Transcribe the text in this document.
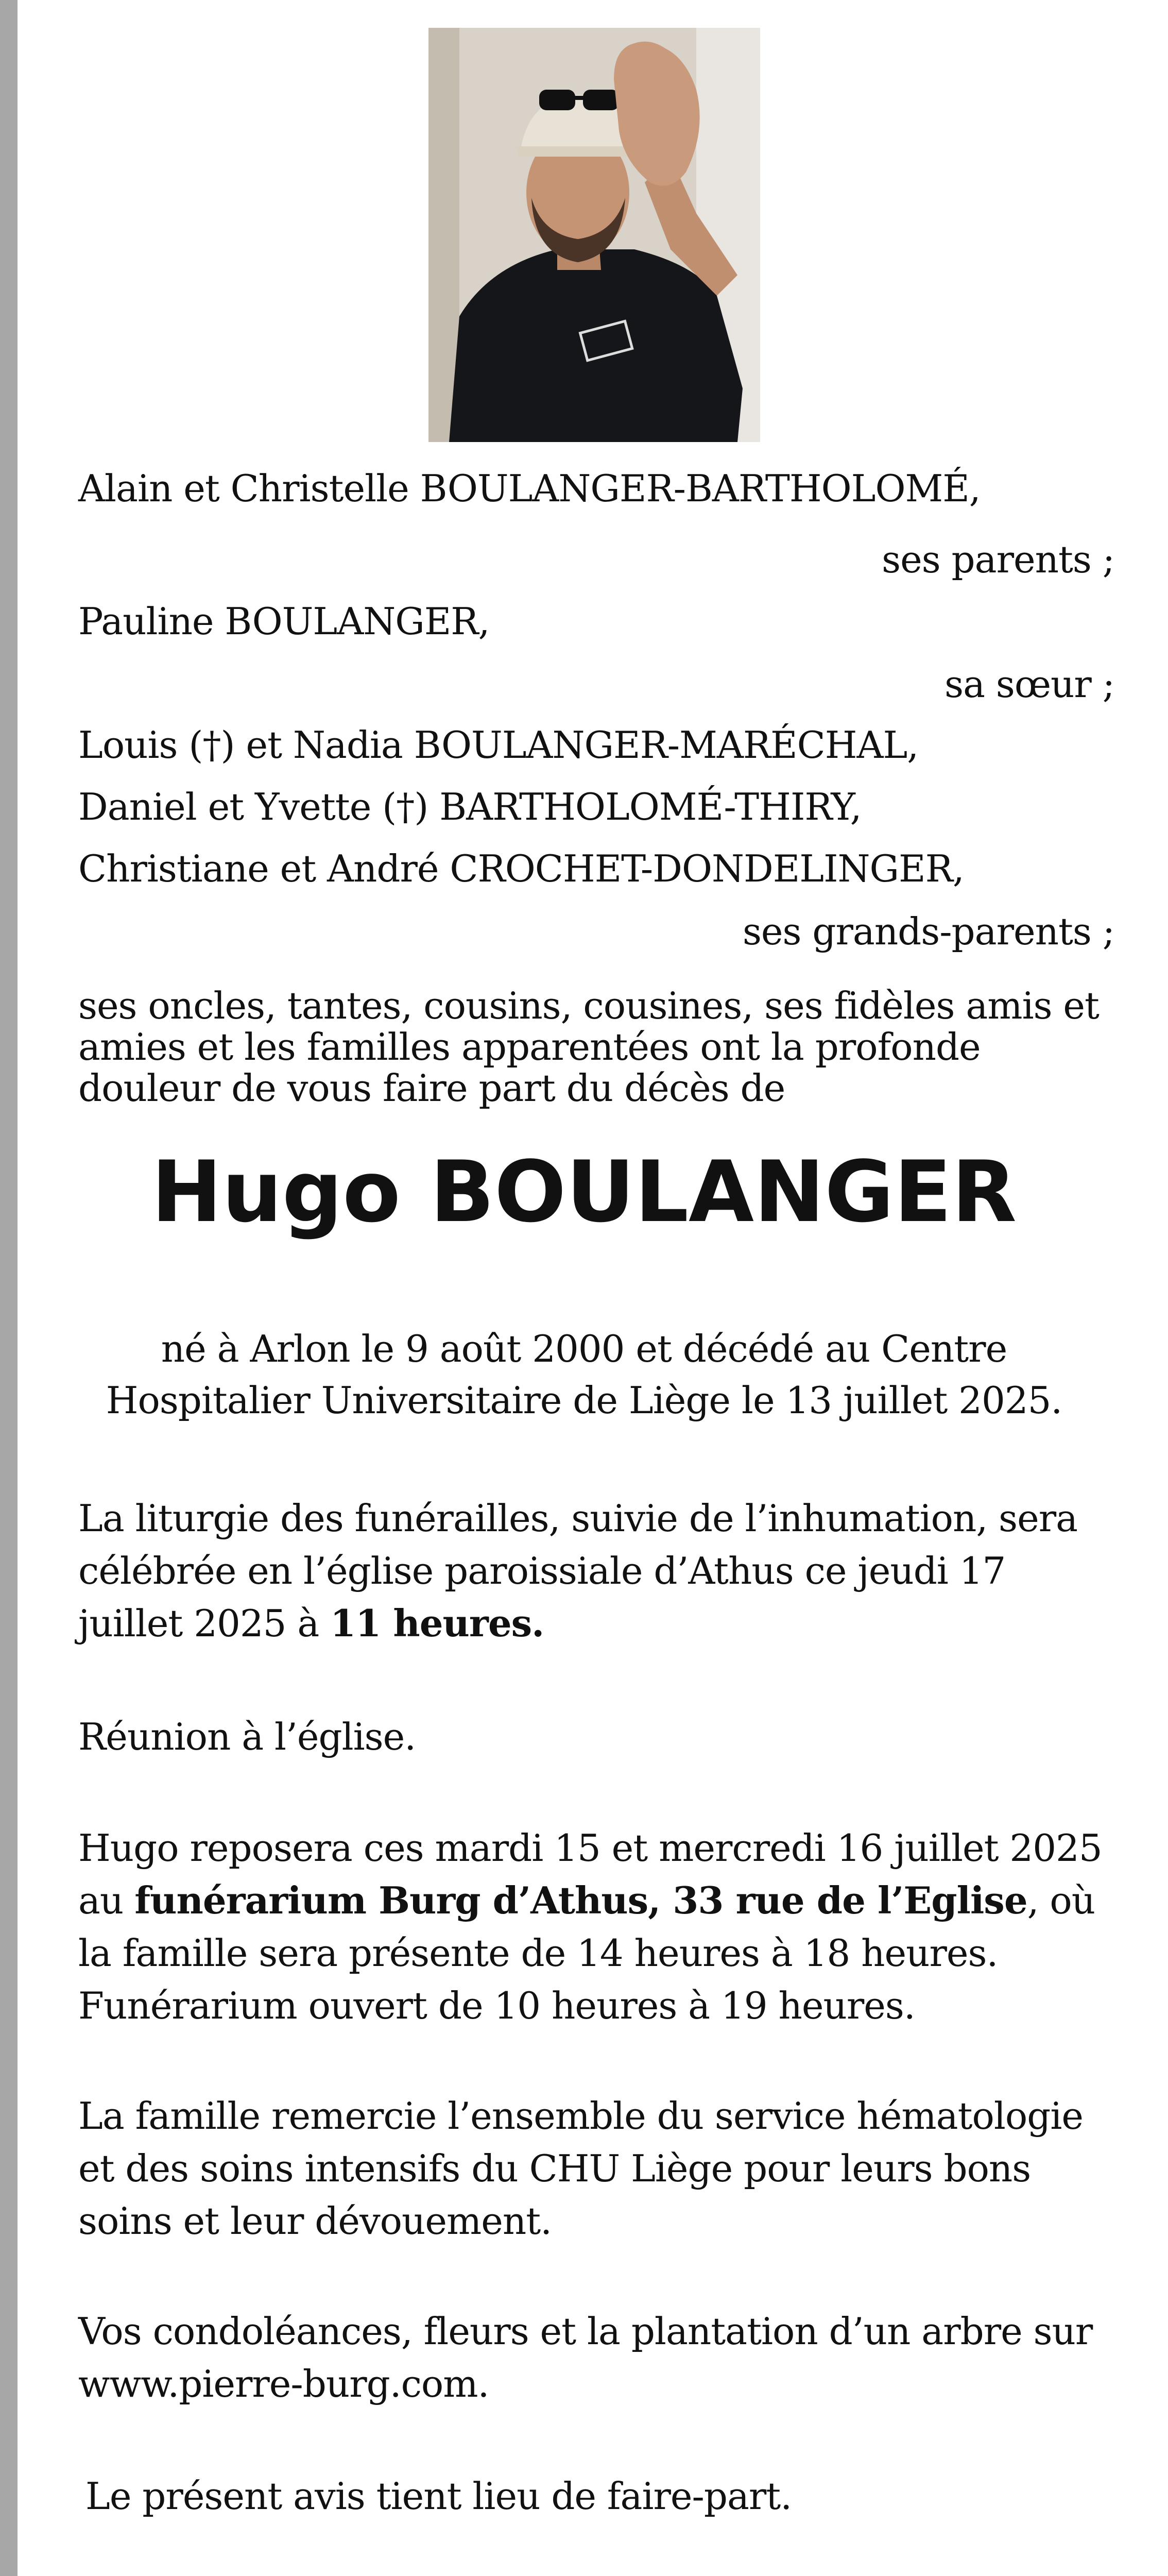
Alain et Christelle BOULANGER-BARTHOLOMÉ,
ses parents ;
Pauline BOULANGER,
sa sœur ;
Louis (†) et Nadia BOULANGER-MARÉCHAL,
Daniel et Yvette (†) BARTHOLOMÉ-THIRY,
Christiane et André CROCHET-DONDELINGER,
ses grands-parents ;
ses oncles, tantes, cousins, cousines, ses fidèles amis et amies et les familles apparentées ont la profonde douleur de vous faire part du décès de
Hugo BOULANGER
né à Arlon le 9 août 2000 et décédé au Centre Hospitalier Universitaire de Liège le 13 juillet 2025.
La liturgie des funérailles, suivie de l’inhumation, sera célébrée en l’église paroissiale d’Athus ce jeudi 17 juillet 2025 à 11 heures.
Réunion à l’église.
Hugo reposera ces mardi 15 et mercredi 16 juillet 2025 au funérarium Burg d’Athus, 33 rue de l’Eglise, où la famille sera présente de 14 heures à 18 heures. Funérarium ouvert de 10 heures à 19 heures.
La famille remercie l’ensemble du service hématologie et des soins intensifs du CHU Liège pour leurs bons soins et leur dévouement.
Vos condoléances, fleurs et la plantation d’un arbre sur www.pierre-burg.com.
Le présent avis tient lieu de faire-part.
